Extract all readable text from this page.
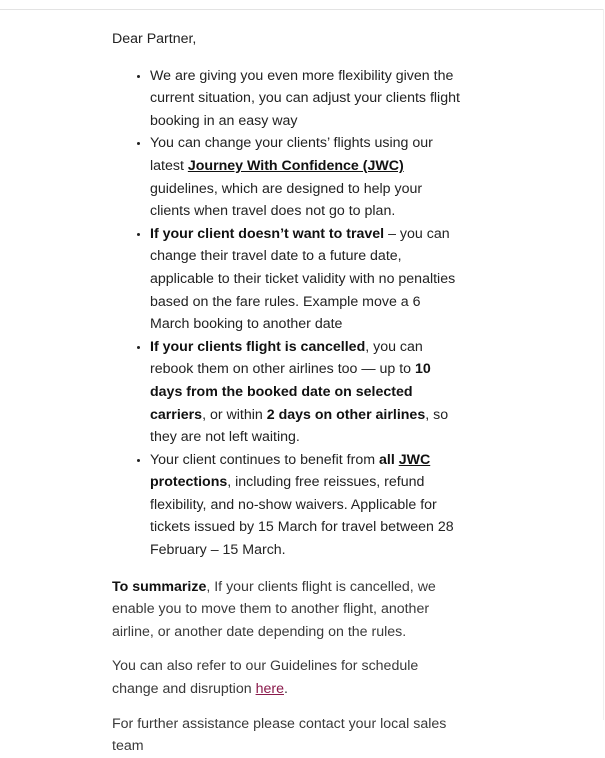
Dear Partner,

• We are giving you even more flexibility given the current situation, you can adjust your clients flight booking in an easy way
• You can change your clients’ flights using our latest Journey With Confidence (JWC) guidelines, which are designed to help your clients when travel does not go to plan.
• If your client doesn’t want to travel – you can change their travel date to a future date, applicable to their ticket validity with no penalties based on the fare rules. Example move a 6 March booking to another date
• If your clients flight is cancelled, you can rebook them on other airlines too — up to 10 days from the booked date on selected carriers, or within 2 days on other airlines, so they are not left waiting.
• Your client continues to benefit from all JWC protections, including free reissues, refund flexibility, and no-show waivers. Applicable for tickets issued by 15 March for travel between 28 February – 15 March.

To summarize, If your clients flight is cancelled, we enable you to move them to another flight, another airline, or another date depending on the rules.

You can also refer to our Guidelines for schedule change and disruption here.

For further assistance please contact your local sales team
